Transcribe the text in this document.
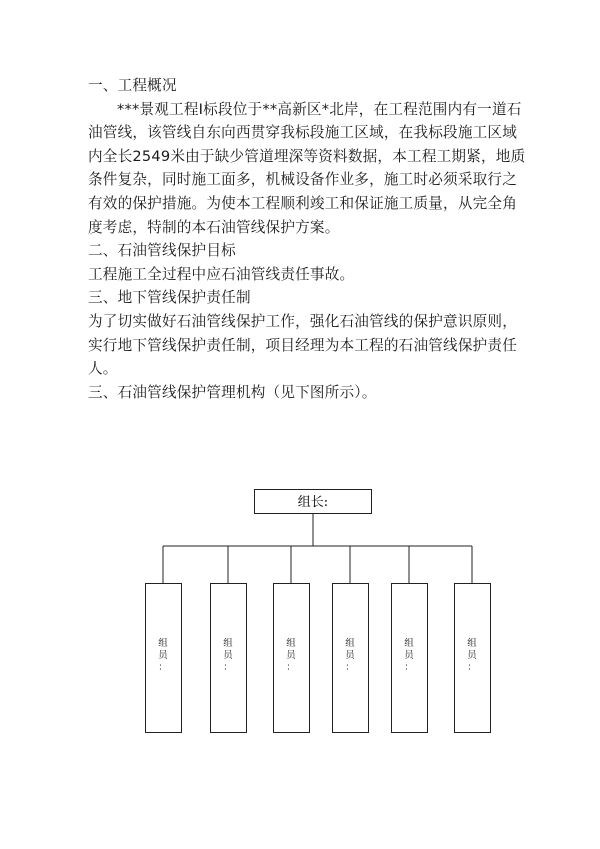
一、工程概况

***景观工程Ⅰ标段位于**高新区*北岸，在工程范围内有一道石油管线，该管线自东向西贯穿我标段施工区域，在我标段施工区域内全长2549米由于缺少管道埋深等资料数据，本工程工期紧，地质条件复杂，同时施工面多，机械设备作业多，施工时必须采取行之有效的保护措施。为使本工程顺利竣工和保证施工质量，从完全角度考虑，特制的本石油管线保护方案。

二、石油管线保护目标

工程施工全过程中应石油管线责任事故。

三、地下管线保护责任制

为了切实做好石油管线保护工作，强化石油管线的保护意识原则，实行地下管线保护责任制，项目经理为本工程的石油管线保护责任人。

三、石油管线保护管理机构（见下图所示）。

组长:
组员：
组员：
组员：
组员：
组员：
组员：
